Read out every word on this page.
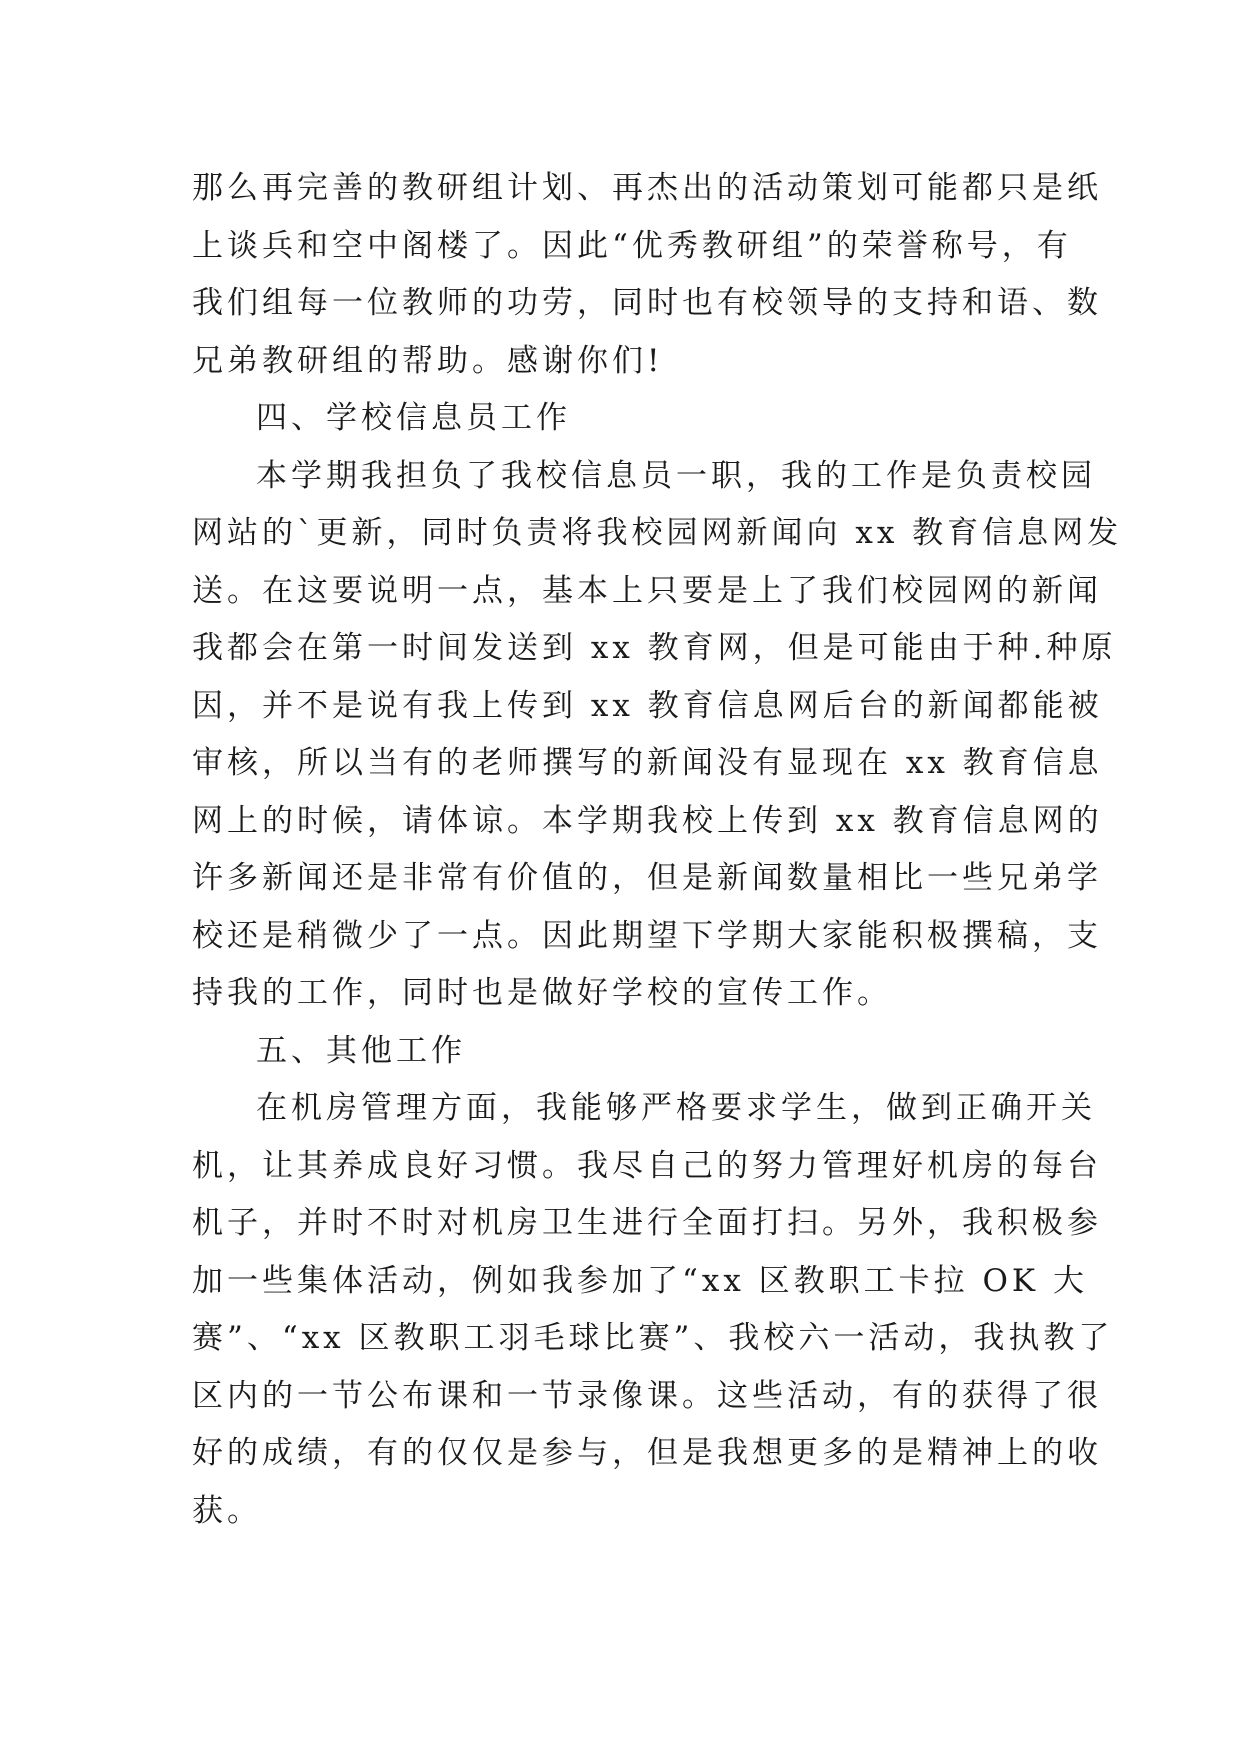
那么再完善的教研组计划、再杰出的活动策划可能都只是纸
上谈兵和空中阁楼了。因此“优秀教研组”的荣誉称号，有
我们组每一位教师的功劳，同时也有校领导的支持和语、数
兄弟教研组的帮助。感谢你们!
四、学校信息员工作
本学期我担负了我校信息员一职，我的工作是负责校园
网站的`更新，同时负责将我校园网新闻向 xx 教育信息网发
送。在这要说明一点，基本上只要是上了我们校园网的新闻
我都会在第一时间发送到 xx 教育网，但是可能由于种.种原
因，并不是说有我上传到 xx 教育信息网后台的新闻都能被
审核，所以当有的老师撰写的新闻没有显现在 xx 教育信息
网上的时候，请体谅。本学期我校上传到 xx 教育信息网的
许多新闻还是非常有价值的，但是新闻数量相比一些兄弟学
校还是稍微少了一点。因此期望下学期大家能积极撰稿，支
持我的工作，同时也是做好学校的宣传工作。
五、其他工作
在机房管理方面，我能够严格要求学生，做到正确开关
机，让其养成良好习惯。我尽自己的努力管理好机房的每台
机子，并时不时对机房卫生进行全面打扫。另外，我积极参
加一些集体活动，例如我参加了“xx 区教职工卡拉 OK 大
赛”、“xx 区教职工羽毛球比赛”、我校六一活动，我执教了
区内的一节公布课和一节录像课。这些活动，有的获得了很
好的成绩，有的仅仅是参与，但是我想更多的是精神上的收
获。
